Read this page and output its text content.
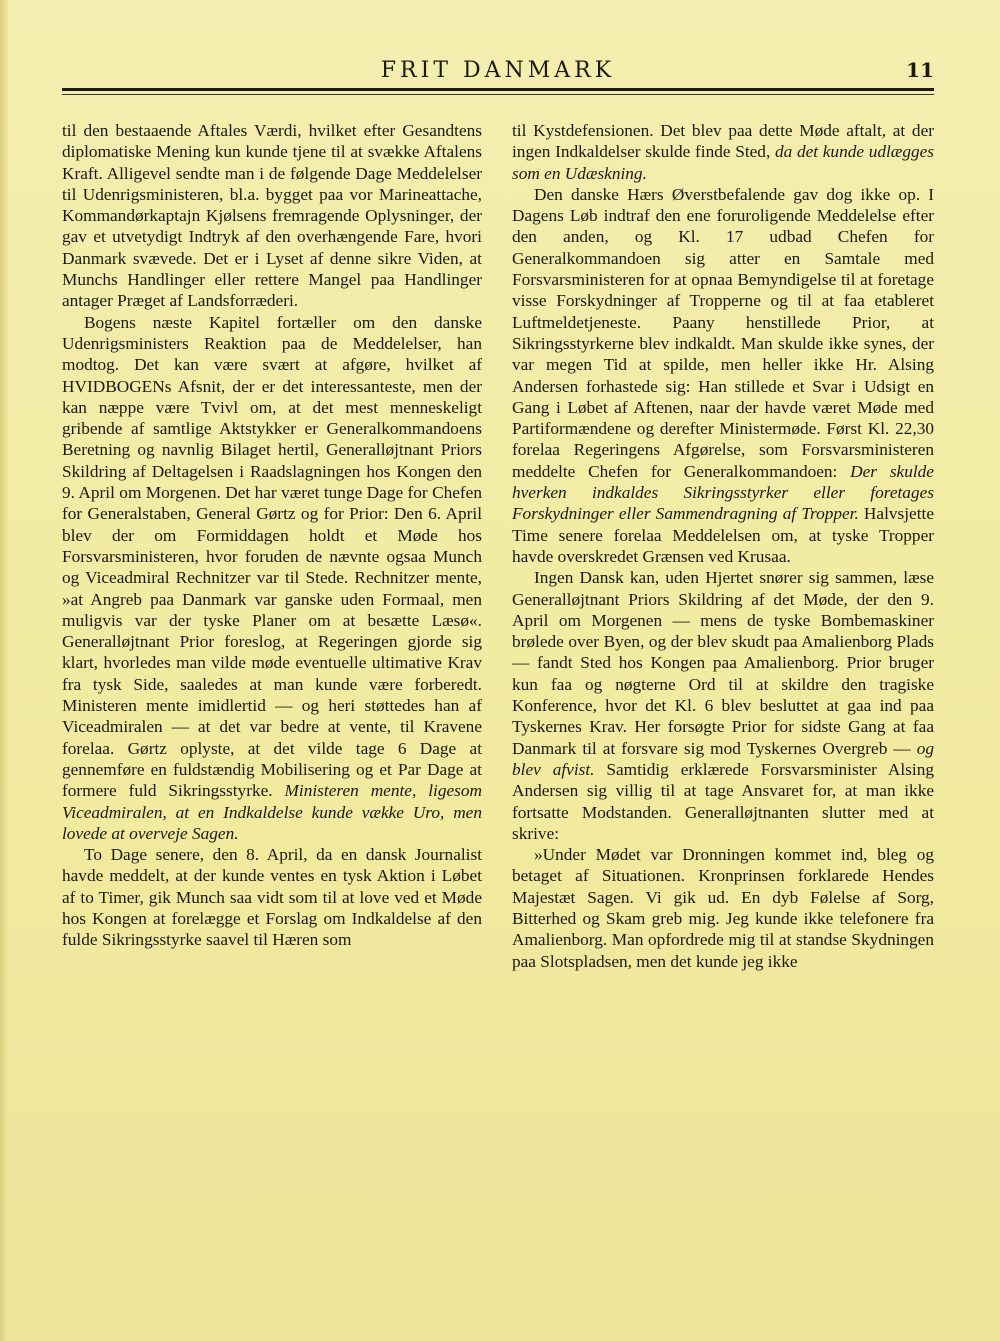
FRIT DANMARK	11

til den bestaaende Aftales Værdi, hvilket efter Gesandtens diplomatiske Mening kun kunde tjene til at svække Aftalens Kraft. Alligevel sendte man i de følgende Dage Meddelelser til Udenrigsministeren, bl.a. bygget paa vor Marineattache, Kommandørkaptajn Kjølsens fremragende Oplysninger, der gav et utvetydigt Indtryk af den overhængende Fare, hvori Danmark svævede. Det er i Lyset af denne sikre Viden, at Munchs Handlinger eller rettere Mangel paa Handlinger antager Præget af Landsforræderi.

Bogens næste Kapitel fortæller om den danske Udenrigsministers Reaktion paa de Meddelelser, han modtog. Det kan være svært at afgøre, hvilket af HVIDBOGENs Afsnit, der er det interessanteste, men der kan næppe være Tvivl om, at det mest menneskeligt gribende af samtlige Aktstykker er Generalkommandoens Beretning og navnlig Bilaget hertil, Generalløjtnant Priors Skildring af Deltagelsen i Raadslagningen hos Kongen den 9. April om Morgenen. Det har været tunge Dage for Chefen for Generalstaben, General Gørtz og for Prior: Den 6. April blev der om Formiddagen holdt et Møde hos Forsvarsministeren, hvor foruden de nævnte ogsaa Munch og Viceadmiral Rechnitzer var til Stede. Rechnitzer mente, »at Angreb paa Danmark var ganske uden Formaal, men muligvis var der tyske Planer om at besætte Læsø«. Generalløjtnant Prior foreslog, at Regeringen gjorde sig klart, hvorledes man vilde møde eventuelle ultimative Krav fra tysk Side, saaledes at man kunde være forberedt. Ministeren mente imidlertid — og heri støttedes han af Viceadmiralen — at det var bedre at vente, til Kravene forelaa. Gørtz oplyste, at det vilde tage 6 Dage at gennemføre en fuldstændig Mobilisering og et Par Dage at formere fuld Sikringsstyrke. Ministeren mente, ligesom Viceadmiralen, at en Indkaldelse kunde vække Uro, men lovede at overveje Sagen.

To Dage senere, den 8. April, da en dansk Journalist havde meddelt, at der kunde ventes en tysk Aktion i Løbet af to Timer, gik Munch saa vidt som til at love ved et Møde hos Kongen at forelægge et Forslag om Indkaldelse af den fulde Sikringsstyrke saavel til Hæren som

til Kystdefensionen. Det blev paa dette Møde aftalt, at der ingen Indkaldelser skulde finde Sted, da det kunde udlægges som en Udæskning.

Den danske Hærs Øverstbefalende gav dog ikke op. I Dagens Løb indtraf den ene foruroligende Meddelelse efter den anden, og Kl. 17 udbad Chefen for Generalkommandoen sig atter en Samtale med Forsvarsministeren for at opnaa Bemyndigelse til at foretage visse Forskydninger af Tropperne og til at faa etableret Luftmeldetjeneste. Paany henstillede Prior, at Sikringsstyrkerne blev indkaldt. Man skulde ikke synes, der var megen Tid at spilde, men heller ikke Hr. Alsing Andersen forhastede sig: Han stillede et Svar i Udsigt en Gang i Løbet af Aftenen, naar der havde været Møde med Partiformændene og derefter Ministermøde. Først Kl. 22,30 forelaa Regeringens Afgørelse, som Forsvarsministeren meddelte Chefen for Generalkommandoen: Der skulde hverken indkaldes Sikringsstyrker eller foretages Forskydninger eller Sammendragning af Tropper. Halvsjette Time senere forelaa Meddelelsen om, at tyske Tropper havde overskredet Grænsen ved Krusaa.

Ingen Dansk kan, uden Hjertet snører sig sammen, læse Generalløjtnant Priors Skildring af det Møde, der den 9. April om Morgenen — mens de tyske Bombemaskiner brølede over Byen, og der blev skudt paa Amalienborg Plads — fandt Sted hos Kongen paa Amalienborg. Prior bruger kun faa og nøgterne Ord til at skildre den tragiske Konference, hvor det Kl. 6 blev besluttet at gaa ind paa Tyskernes Krav. Her forsøgte Prior for sidste Gang at faa Danmark til at forsvare sig mod Tyskernes Overgreb — og blev afvist. Samtidig erklærede Forsvarsminister Alsing Andersen sig villig til at tage Ansvaret for, at man ikke fortsatte Modstanden. Generalløjtnanten slutter med at skrive:

»Under Mødet var Dronningen kommet ind, bleg og betaget af Situationen. Kronprinsen forklarede Hendes Majestæt Sagen. Vi gik ud. En dyb Følelse af Sorg, Bitterhed og Skam greb mig. Jeg kunde ikke telefonere fra Amalienborg. Man opfordrede mig til at standse Skydningen paa Slotspladsen, men det kunde jeg ikke
